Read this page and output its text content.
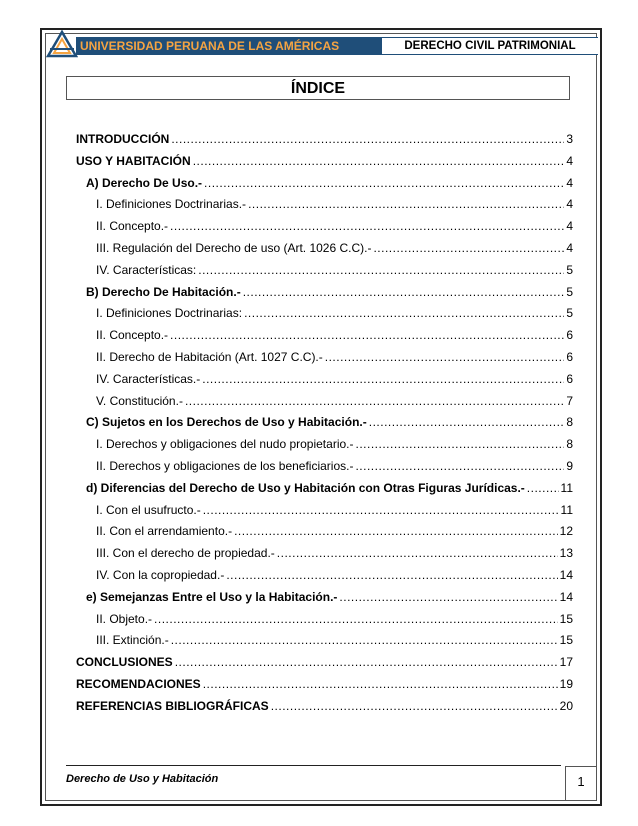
UNIVERSIDAD PERUANA DE LAS AMÉRICAS	DERECHO CIVIL PATRIMONIAL
ÍNDICE
INTRODUCCIÓN .....	3
USO Y HABITACIÓN .....	4
A) Derecho De Uso.- .....	4
I. Definiciones Doctrinarias.- .....	4
II. Concepto.- .....	4
III. Regulación del Derecho de uso (Art. 1026 C.C).- .....	4
IV. Características: .....	5
B) Derecho De Habitación.- .....	5
I. Definiciones Doctrinarias: .....	5
II. Concepto.- .....	6
II. Derecho de Habitación (Art. 1027 C.C).- .....	6
IV. Características.- .....	6
V. Constitución.- .....	7
C) Sujetos en los Derechos de Uso y Habitación.- .....	8
I. Derechos y obligaciones del nudo propietario.- .....	8
II. Derechos y obligaciones de los beneficiarios.- .....	9
d) Diferencias del Derecho de Uso y Habitación con Otras Figuras Jurídicas.- .....	11
I. Con el usufructo.- .....	11
II. Con el arrendamiento.- .....	12
III. Con el derecho de propiedad.- .....	13
IV. Con la copropiedad.- .....	14
e) Semejanzas Entre el Uso y la Habitación.- .....	14
II. Objeto.- .....	15
III. Extinción.- .....	15
CONCLUSIONES .....	17
RECOMENDACIONES .....	19
REFERENCIAS BIBLIOGRÁFICAS .....	20
Derecho de Uso y Habitación	1
